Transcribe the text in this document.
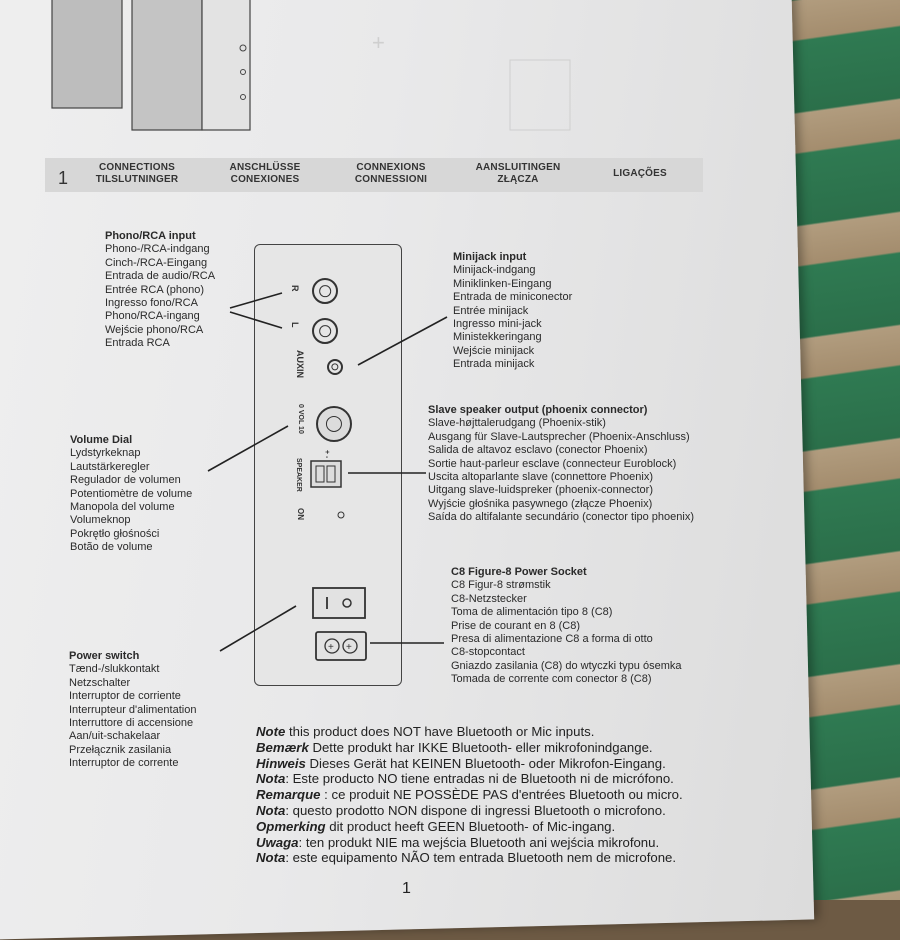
+
1
CONNECTIONS
TILSLUTNINGER
ANSCHLÜSSE
CONEXIONES
CONNEXIONS
CONNESSIONI
AANSLUITINGEN
ZŁĄCZA
LIGAÇÕES
Phono/RCA input
Phono-/RCA-indgang
Cinch-/RCA-Eingang
Entrada de audio/RCA
Entrée RCA (phono)
Ingresso fono/RCA
Phono/RCA-ingang
Wejście phono/RCA
Entrada RCA
Minijack input
Minijack-indgang
Miniklinken-Eingang
Entrada de miniconector
Entrée minijack
Ingresso mini-jack
Ministekkeringang
Wejście minijack
Entrada minijack
Slave speaker output (phoenix connector)
Slave-højttalerudgang (Phoenix-stik)
Ausgang für Slave-Lautsprecher (Phoenix-Anschluss)
Salida de altavoz esclavo (conector Phoenix)
Sortie haut-parleur esclave (connecteur Euroblock)
Uscita altoparlante slave (connettore Phoenix)
Uitgang slave-luidspreker (phoenix-connector)
Wyjście głośnika pasywnego (złącze Phoenix)
Saída do altifalante secundário (conector tipo phoenix)
Volume Dial
Lydstyrkeknap
Lautstärkeregler
Regulador de volumen
Potentiomètre de volume
Manopola del volume
Volumeknop
Pokrętło głośności
Botão de volume
C8 Figure-8 Power Socket
C8 Figur-8 strømstik
C8-Netzstecker
Toma de alimentación tipo 8 (C8)
Prise de courant en 8 (C8)
Presa di alimentazione C8 a forma di otto
C8-stopcontact
Gniazdo zasilania (C8) do wtyczki typu ósemka
Tomada de corrente com conector 8 (C8)
Power switch
Tænd-/slukkontakt
Netzschalter
Interruptor de corriente
Interrupteur d'alimentation
Interruttore di accensione
Aan/uit-schakelaar
Przełącznik zasilania
Interruptor de corrente
R
L
AUXIN
0 VOL 10
SPEAKER
ON
+ -
+ +
Note this product does NOT have Bluetooth or Mic inputs.
Bemærk Dette produkt har IKKE Bluetooth- eller mikrofonindgange.
Hinweis Dieses Gerät hat KEINEN Bluetooth- oder Mikrofon-Eingang.
Nota: Este producto NO tiene entradas ni de Bluetooth ni de micrófono.
Remarque : ce produit NE POSSÈDE PAS d'entrées Bluetooth ou micro.
Nota: questo prodotto NON dispone di ingressi Bluetooth o microfono.
Opmerking dit product heeft GEEN Bluetooth- of Mic-ingang.
Uwaga: ten produkt NIE ma wejścia Bluetooth ani wejścia mikrofonu.
Nota: este equipamento NÃO tem entrada Bluetooth nem de microfone.
1
